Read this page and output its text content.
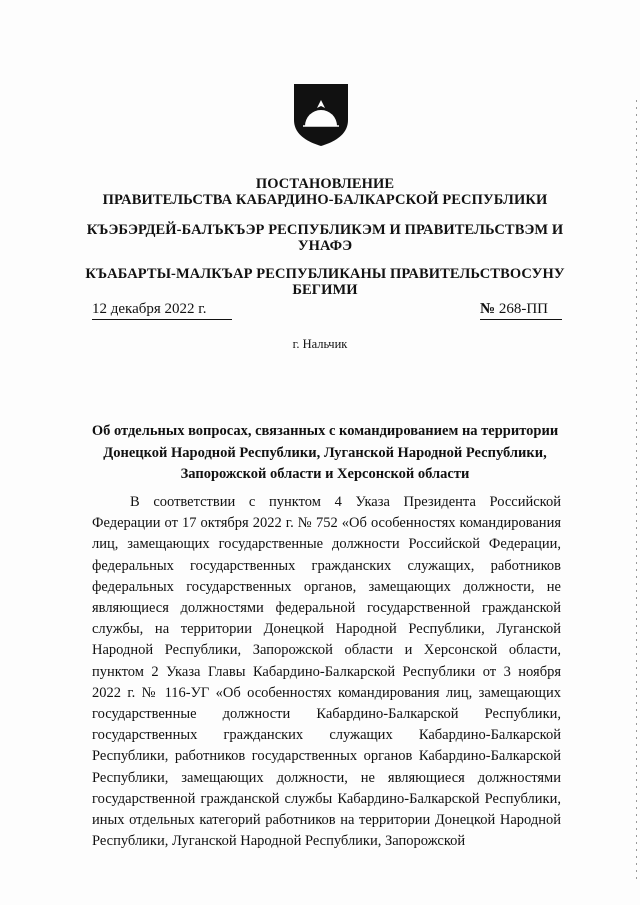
ПОСТАНОВЛЕНИЕ
ПРАВИТЕЛЬСТВА КАБАРДИНО-БАЛКАРСКОЙ РЕСПУБЛИКИ
КЪЭБЭРДЕЙ-БАЛЪКЪЭР РЕСПУБЛИКЭМ И ПРАВИТЕЛЬСТВЭМ И УНАФЭ
КЪАБАРТЫ-МАЛКЪАР РЕСПУБЛИКАНЫ ПРАВИТЕЛЬСТВОСУНУ БЕГИМИ
12 декабря 2022 г.	№ 268-ПП
г. Нальчик
Об отдельных вопросах, связанных с командированием на территории Донецкой Народной Республики, Луганской Народной Республики, Запорожской области и Херсонской области

В соответствии с пунктом 4 Указа Президента Российской Федерации от 17 октября 2022 г. № 752 «Об особенностях командирования лиц, замещающих государственные должности Российской Федерации, федеральных государственных гражданских служащих, работников федеральных государственных органов, замещающих должности, не являющиеся должностями федеральной государственной гражданской службы, на территории Донецкой Народной Республики, Луганской Народной Республики, Запорожской области и Херсонской области, пунктом 2 Указа Главы Кабардино-Балкарской Республики от 3 ноября 2022 г. № 116-УГ «Об особенностях командирования лиц, замещающих государственные должности Кабардино-Балкарской Республики, государственных гражданских служащих Кабардино-Балкарской Республики, работников государственных органов Кабардино-Балкарской Республики, замещающих должности, не являющиеся должностями государственной гражданской службы Кабардино-Балкарской Республики, иных отдельных категорий работников на территории Донецкой Народной Республики, Луганской Народной Республики, Запорожской
